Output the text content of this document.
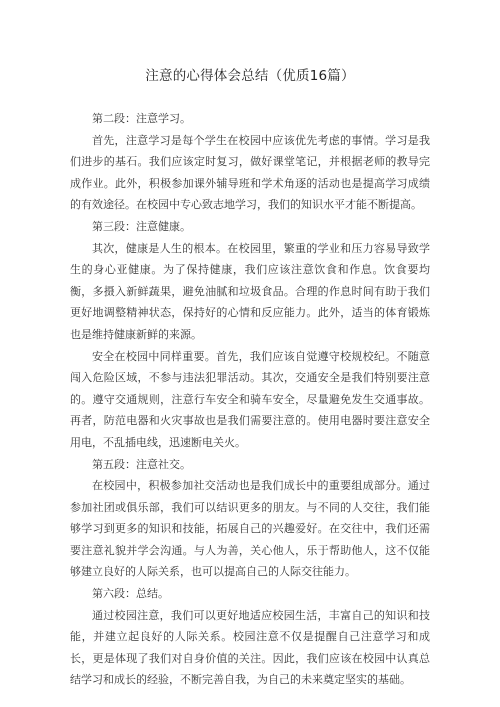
注意的心得体会总结（优质16篇）

第二段：注意学习。

首先，注意学习是每个学生在校园中应该优先考虑的事情。学习是我们进步的基石。我们应该定时复习，做好课堂笔记，并根据老师的教导完成作业。此外，积极参加课外辅导班和学术角逐的活动也是提高学习成绩的有效途径。在校园中专心致志地学习，我们的知识水平才能不断提高。

第三段：注意健康。

其次，健康是人生的根本。在校园里，繁重的学业和压力容易导致学生的身心亚健康。为了保持健康，我们应该注意饮食和作息。饮食要均衡，多摄入新鲜蔬果，避免油腻和垃圾食品。合理的作息时间有助于我们更好地调整精神状态，保持好的心情和反应能力。此外，适当的体育锻炼也是维持健康新鲜的来源。

安全在校园中同样重要。首先，我们应该自觉遵守校规校纪。不随意闯入危险区域，不参与违法犯罪活动。其次，交通安全是我们特别要注意的。遵守交通规则，注意行车安全和骑车安全，尽量避免发生交通事故。再者，防范电器和火灾事故也是我们需要注意的。使用电器时要注意安全用电，不乱插电线，迅速断电关火。

第五段：注意社交。

在校园中，积极参加社交活动也是我们成长中的重要组成部分。通过参加社团或俱乐部，我们可以结识更多的朋友。与不同的人交往，我们能够学习到更多的知识和技能，拓展自己的兴趣爱好。在交往中，我们还需要注意礼貌并学会沟通。与人为善，关心他人，乐于帮助他人，这不仅能够建立良好的人际关系，也可以提高自己的人际交往能力。

第六段：总结。

通过校园注意，我们可以更好地适应校园生活，丰富自己的知识和技能，并建立起良好的人际关系。校园注意不仅是提醒自己注意学习和成长，更是体现了我们对自身价值的关注。因此，我们应该在校园中认真总结学习和成长的经验，不断完善自我，为自己的未来奠定坚实的基础。
